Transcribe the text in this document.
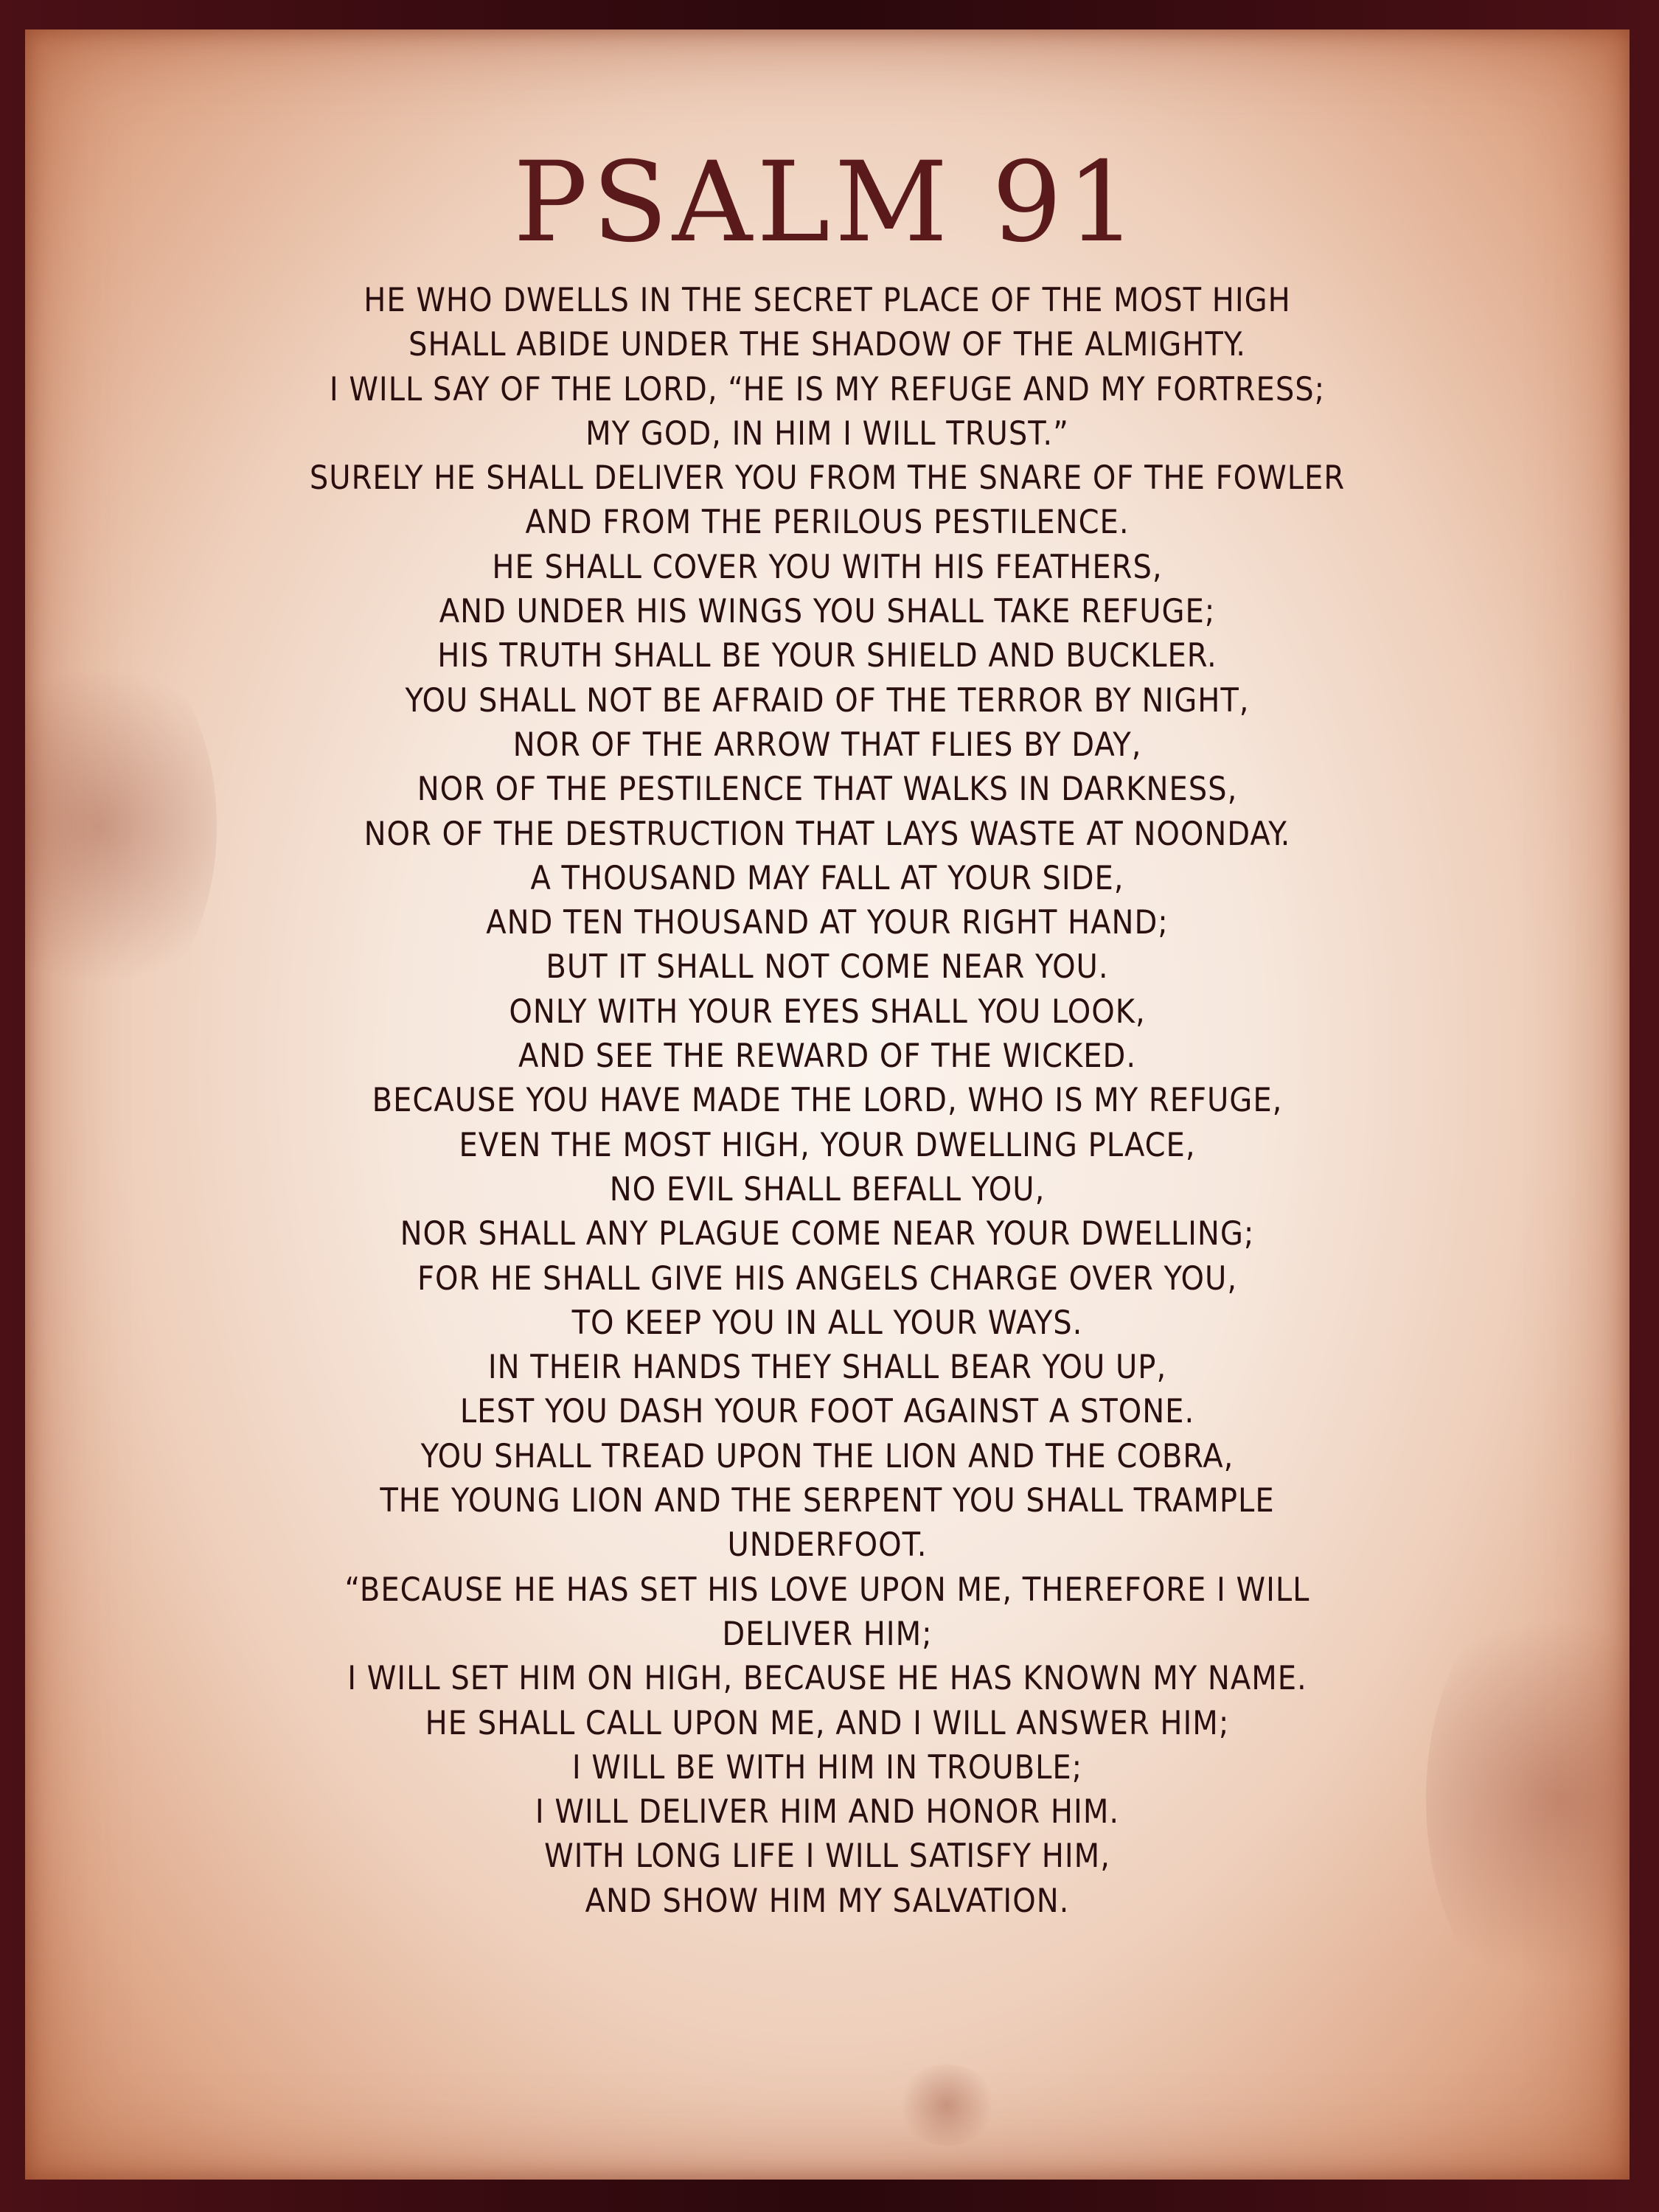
PSALM 91
HE WHO DWELLS IN THE SECRET PLACE OF THE MOST HIGH
SHALL ABIDE UNDER THE SHADOW OF THE ALMIGHTY.
I WILL SAY OF THE LORD, “HE IS MY REFUGE AND MY FORTRESS;
MY GOD, IN HIM I WILL TRUST.”
SURELY HE SHALL DELIVER YOU FROM THE SNARE OF THE FOWLER
AND FROM THE PERILOUS PESTILENCE.
HE SHALL COVER YOU WITH HIS FEATHERS,
AND UNDER HIS WINGS YOU SHALL TAKE REFUGE;
HIS TRUTH SHALL BE YOUR SHIELD AND BUCKLER.
YOU SHALL NOT BE AFRAID OF THE TERROR BY NIGHT,
NOR OF THE ARROW THAT FLIES BY DAY,
NOR OF THE PESTILENCE THAT WALKS IN DARKNESS,
NOR OF THE DESTRUCTION THAT LAYS WASTE AT NOONDAY.
A THOUSAND MAY FALL AT YOUR SIDE,
AND TEN THOUSAND AT YOUR RIGHT HAND;
BUT IT SHALL NOT COME NEAR YOU.
ONLY WITH YOUR EYES SHALL YOU LOOK,
AND SEE THE REWARD OF THE WICKED.
BECAUSE YOU HAVE MADE THE LORD, WHO IS MY REFUGE,
EVEN THE MOST HIGH, YOUR DWELLING PLACE,
NO EVIL SHALL BEFALL YOU,
NOR SHALL ANY PLAGUE COME NEAR YOUR DWELLING;
FOR HE SHALL GIVE HIS ANGELS CHARGE OVER YOU,
TO KEEP YOU IN ALL YOUR WAYS.
IN THEIR HANDS THEY SHALL BEAR YOU UP,
LEST YOU DASH YOUR FOOT AGAINST A STONE.
YOU SHALL TREAD UPON THE LION AND THE COBRA,
THE YOUNG LION AND THE SERPENT YOU SHALL TRAMPLE
UNDERFOOT.
“BECAUSE HE HAS SET HIS LOVE UPON ME, THEREFORE I WILL
DELIVER HIM;
I WILL SET HIM ON HIGH, BECAUSE HE HAS KNOWN MY NAME.
HE SHALL CALL UPON ME, AND I WILL ANSWER HIM;
I WILL BE WITH HIM IN TROUBLE;
I WILL DELIVER HIM AND HONOR HIM.
WITH LONG LIFE I WILL SATISFY HIM,
AND SHOW HIM MY SALVATION.
